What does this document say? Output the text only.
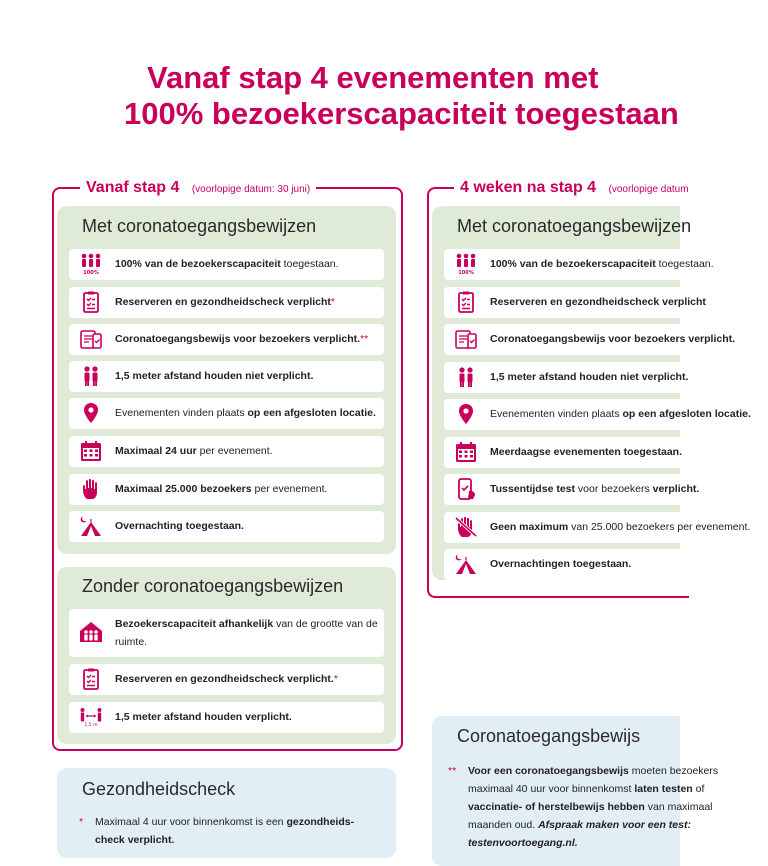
Vanaf stap 4 evenementen met
100% bezoekerscapaciteit toegestaan
Vanaf stap 4 (voorlopige datum: 30 juni)
Met coronatoegangsbewijzen
100%
100% van de bezoekerscapaciteit toegestaan.
Reserveren en gezondheidscheck verplicht*
Coronatoegangsbewijs voor bezoekers verplicht.**
1,5 meter afstand houden niet verplicht.
Evenementen vinden plaats op een afgesloten locatie.
Maximaal 24 uur per evenement.
Maximaal 25.000 bezoekers per evenement.
Overnachting toegestaan.
Zonder coronatoegangsbewijzen
Bezoekerscapaciteit afhankelijk van de grootte van de ruimte.
Reserveren en gezondheidscheck verplicht.*
1,5 m
1,5 meter afstand houden verplicht.
4 weken na stap 4 (voorlopige datum
Met coronatoegangsbewijzen
100%
100% van de bezoekerscapaciteit toegestaan.
Reserveren en gezondheidscheck verplicht
Coronatoegangsbewijs voor bezoekers verplicht.
1,5 meter afstand houden niet verplicht.
Evenementen vinden plaats op een afgesloten locatie.
Meerdaagse evenementen toegestaan.
Tussentijdse test voor bezoekers verplicht.
Geen maximum van 25.000 bezoekers per evenement.
Overnachtingen toegestaan.
Gezondheidscheck
* Maximaal 4 uur voor binnenkomst is een gezondheids-
check verplicht.
Coronatoegangsbewijs
** Voor een coronatoegangsbewijs moeten bezoekers
maximaal 40 uur voor binnenkomst laten testen of
vaccinatie- of herstelbewijs hebben van maximaal
maanden oud. Afspraak maken voor een test:
testenvoortoegang.nl.
